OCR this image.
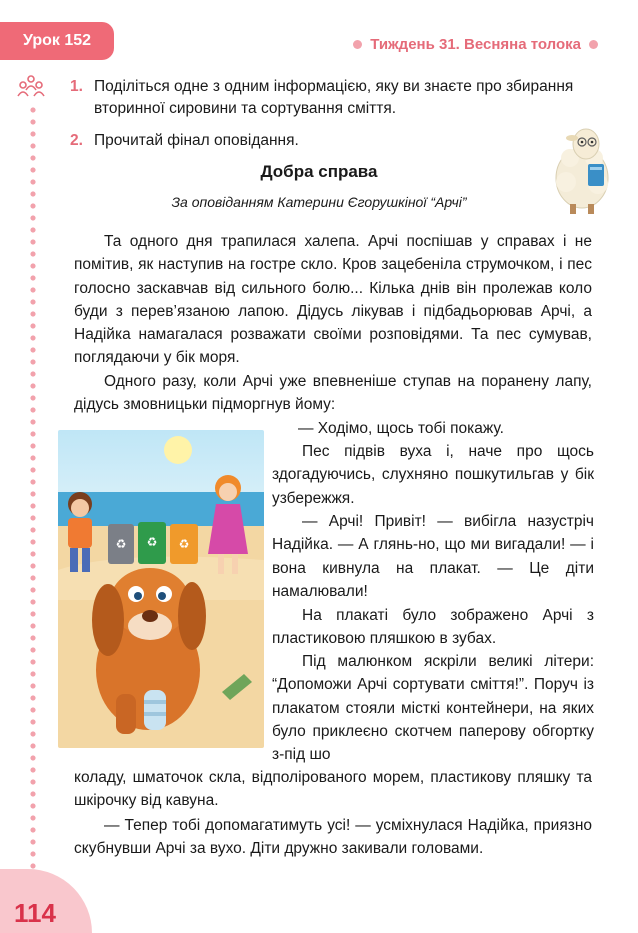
Урок 152	Тиждень 31. Весняна толока
1. Поділіться одне з одним інформацією, яку ви знаєте про збирання вторинної сировини та сортування сміття.
2. Прочитай фінал оповідання.
Добра справа
За оповіданням Катерини Єгорушкіної “Арчі”

Та одного дня трапилася халепа. Арчі поспішав у справах і не помітив, як наступив на гостре скло. Кров зацебеніла струмочком, і пес голосно заскавчав від сильного болю... Кілька днів він пролежав коло буди з перев’язаною лапою. Дідусь лікував і підбадьорював Арчі, а Надійка намагалася розважати своїми розповідями. Та пес сумував, поглядаючи у бік моря.

Одного разу, коли Арчі уже впевненіше ступав на поранену лапу, дідусь змовницьки підморгнув йому:

♻ ♻ ♻

— Ходімо, щось тобі покажу.

Пес підвів вуха і, наче про щось здогадуючись, слухняно пошкутильгав у бік узбережжя.

— Арчі! Привіт! — вибігла назустріч Надійка. — А глянь-но, що ми вигадали! — і вона кивнула на плакат. — Це діти намалювали!

На плакаті було зображено Арчі з пластиковою пляшкою в зубах.

Під малюнком яскріли великі літери: “Допоможи Арчі сортувати сміття!”. Поруч із плакатом стояли місткі контейнери, на яких було приклеєно скотчем паперову обгортку з-під шо

коладу, шматочок скла, відполірованого морем, пластикову пляшку та шкірочку від кавуна.

— Тепер тобі допомагатимуть усі! — усміхнулася Надійка, приязно скубнувши Арчі за вухо. Діти дружно закивали головами.

114
